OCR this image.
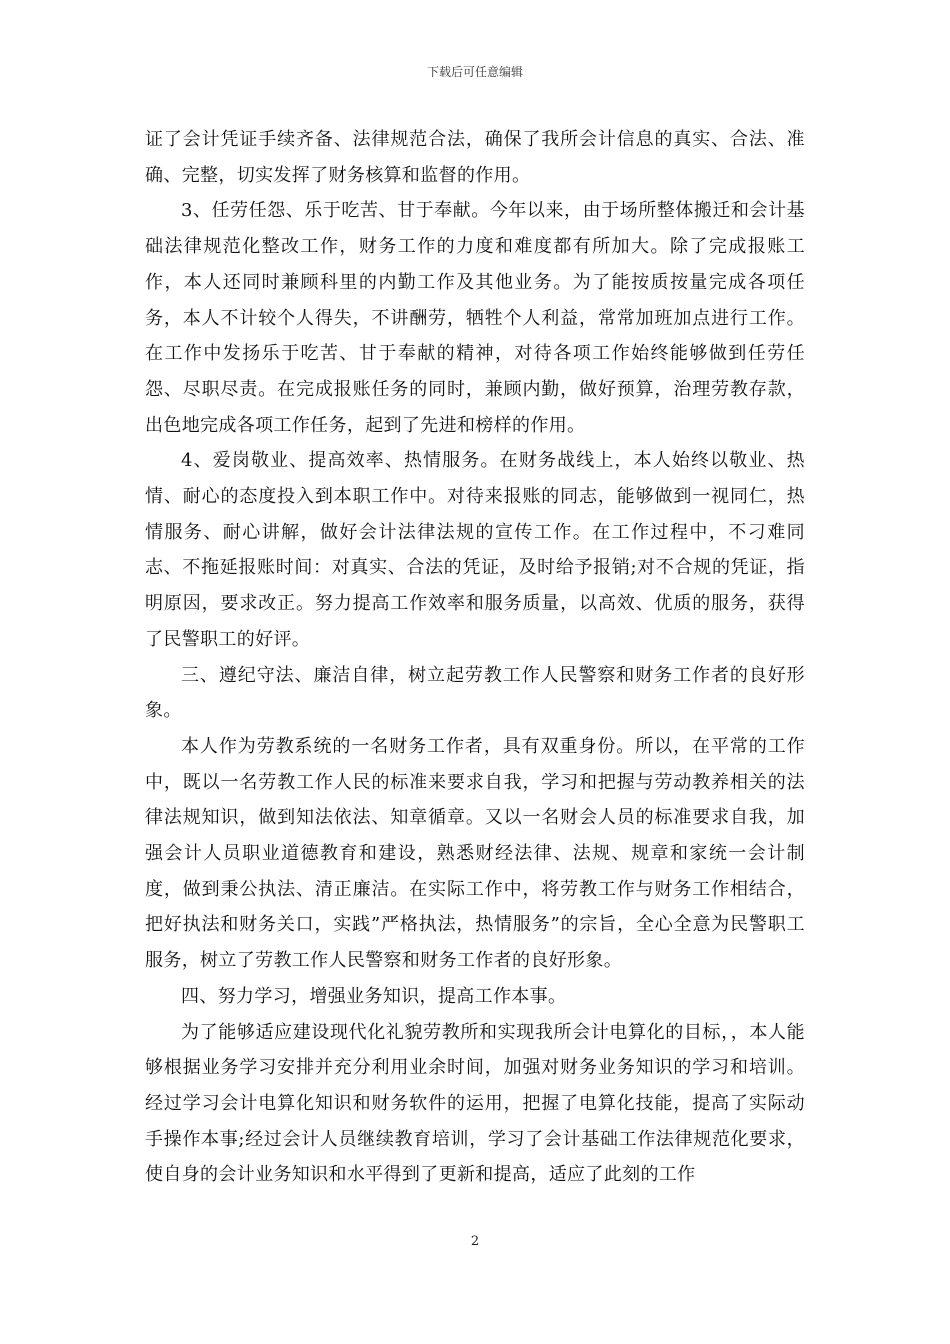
下载后可任意编辑

证了会计凭证手续齐备、法律规范合法，确保了我所会计信息的真实、合法、准确、完整，切实发挥了财务核算和监督的作用。

3、任劳任怨、乐于吃苦、甘于奉献。今年以来，由于场所整体搬迁和会计基础法律规范化整改工作，财务工作的力度和难度都有所加大。除了完成报账工作，本人还同时兼顾科里的内勤工作及其他业务。为了能按质按量完成各项任务，本人不计较个人得失，不讲酬劳，牺牲个人利益，常常加班加点进行工作。在工作中发扬乐于吃苦、甘于奉献的精神，对待各项工作始终能够做到任劳任怨、尽职尽责。在完成报账任务的同时，兼顾内勤，做好预算，治理劳教存款，出色地完成各项工作任务，起到了先进和榜样的作用。

4、爱岗敬业、提高效率、热情服务。在财务战线上，本人始终以敬业、热情、耐心的态度投入到本职工作中。对待来报账的同志，能够做到一视同仁，热情服务、耐心讲解，做好会计法律法规的宣传工作。在工作过程中，不刁难同志、不拖延报账时间：对真实、合法的凭证，及时给予报销;对不合规的凭证，指明原因，要求改正。努力提高工作效率和服务质量，以高效、优质的服务，获得了民警职工的好评。

三、遵纪守法、廉洁自律，树立起劳教工作人民警察和财务工作者的良好形象。

本人作为劳教系统的一名财务工作者，具有双重身份。所以，在平常的工作中，既以一名劳教工作人民的标准来要求自我，学习和把握与劳动教养相关的法律法规知识，做到知法依法、知章循章。又以一名财会人员的标准要求自我，加强会计人员职业道德教育和建设，熟悉财经法律、法规、规章和家统一会计制度，做到秉公执法、清正廉洁。在实际工作中，将劳教工作与财务工作相结合，把好执法和财务关口，实践”严格执法，热情服务”的宗旨，全心全意为民警职工服务，树立了劳教工作人民警察和财务工作者的良好形象。

四、努力学习，增强业务知识，提高工作本事。

为了能够适应建设现代化礼貌劳教所和实现我所会计电算化的目标，，本人能够根据业务学习安排并充分利用业余时间，加强对财务业务知识的学习和培训。经过学习会计电算化知识和财务软件的运用，把握了电算化技能，提高了实际动手操作本事;经过会计人员继续教育培训，学习了会计基础工作法律规范化要求，使自身的会计业务知识和水平得到了更新和提高，适应了此刻的工作

2
